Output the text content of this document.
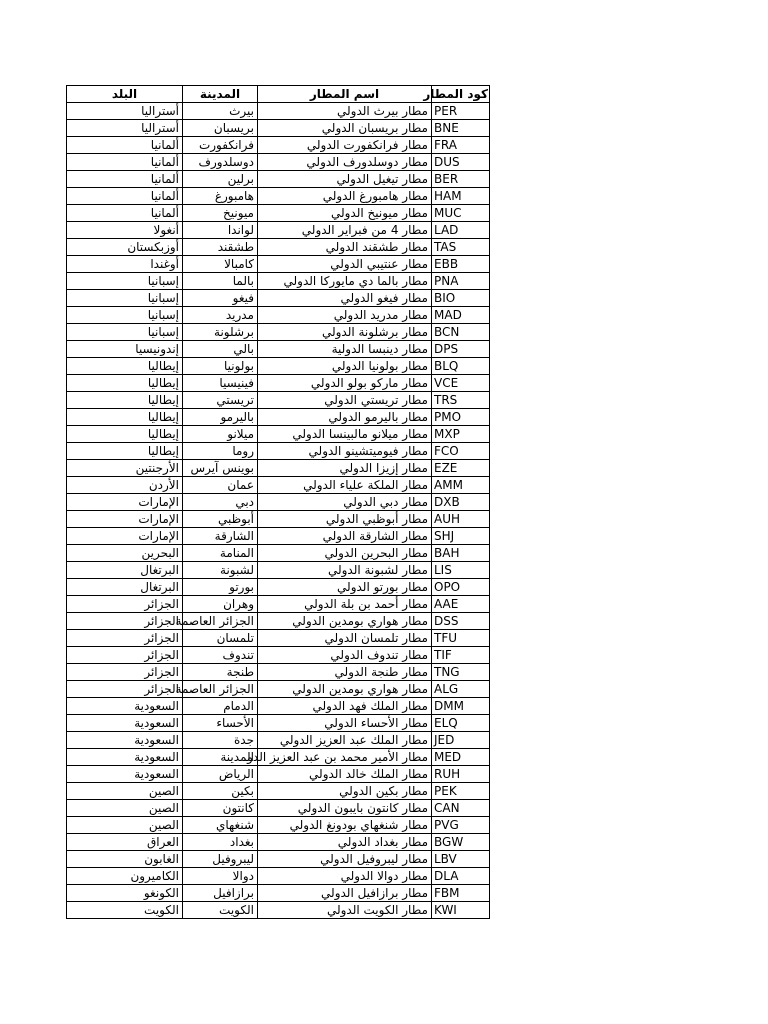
البلد	المدينة	اسم المطار	كود المطار
أستراليا	بيرث	مطار بيرث الدولي	PER
أستراليا	بريسبان	مطار بريسبان الدولي	BNE
ألمانيا	فرانكفورت	مطار فرانكفورت الدولي	FRA
ألمانيا	دوسلدورف	مطار دوسلدورف الدولي	DUS
ألمانيا	برلين	مطار تيغيل الدولي	BER
ألمانيا	هامبورغ	مطار هامبورغ الدولي	HAM
ألمانيا	ميونيخ	مطار ميونيخ الدولي	MUC
أنغولا	لواندا	مطار 4 من فبراير الدولي	LAD
أوزبكستان	طشقند	مطار طشقند الدولي	TAS
أوغندا	كامبالا	مطار عنتيبي الدولي	EBB
إسبانيا	بالما	مطار بالما دي مايوركا الدولي	PNA
إسبانيا	فيغو	مطار فيغو الدولي	BIO
إسبانيا	مدريد	مطار مدريد الدولي	MAD
إسبانيا	برشلونة	مطار برشلونة الدولي	BCN
إندونيسيا	بالي	مطار دينبسا الدولية	DPS
إيطاليا	بولونيا	مطار بولونيا الدولي	BLQ
إيطاليا	فينيسيا	مطار ماركو بولو الدولي	VCE
إيطاليا	تريستي	مطار تريستي الدولي	TRS
إيطاليا	باليرمو	مطار باليرمو الدولي	PMO
إيطاليا	ميلانو	مطار ميلانو مالبينسا الدولي	MXP
إيطاليا	روما	مطار فيوميتشينو الدولي	FCO
الأرجنتين	بوينس آيرس	مطار إزيزا الدولي	EZE
الأردن	عمان	مطار الملكة علياء الدولي	AMM
الإمارات	دبي	مطار دبي الدولي	DXB
الإمارات	أبوظبي	مطار أبوظبي الدولي	AUH
الإمارات	الشارقة	مطار الشارقة الدولي	SHJ
البحرين	المنامة	مطار البحرين الدولي	BAH
البرتغال	لشبونة	مطار لشبونة الدولي	LIS
البرتغال	بورتو	مطار بورتو الدولي	OPO
الجزائر	وهران	مطار أحمد بن بلة الدولي	AAE
الجزائر	الجزائر العاصمة	مطار هواري بومدين الدولي	DSS
الجزائر	تلمسان	مطار تلمسان الدولي	TFU
الجزائر	تندوف	مطار تندوف الدولي	TIF
الجزائر	طنجة	مطار طنجة الدولي	TNG
الجزائر	الجزائر العاصمة	مطار هواري بومدين الدولي	ALG
السعودية	الدمام	مطار الملك فهد الدولي	DMM
السعودية	الأحساء	مطار الأحساء الدولي	ELQ
السعودية	جدة	مطار الملك عبد العزيز الدولي	JED
السعودية	المدينة	مطار الأمير محمد بن عبد العزيز الدو	MED
السعودية	الرياض	مطار الملك خالد الدولي	RUH
الصين	بكين	مطار بكين الدولي	PEK
الصين	كانتون	مطار كانتون بايبون الدولي	CAN
الصين	شنغهاي	مطار شنغهاي بودونغ الدولي	PVG
العراق	بغداد	مطار بغداد الدولي	BGW
الغابون	ليبروفيل	مطار ليبروفيل الدولي	LBV
الكاميرون	دوالا	مطار دوالا الدولي	DLA
الكونغو	برازافيل	مطار برازافيل الدولي	FBM
الكويت	الكويت	مطار الكويت الدولي	KWI
